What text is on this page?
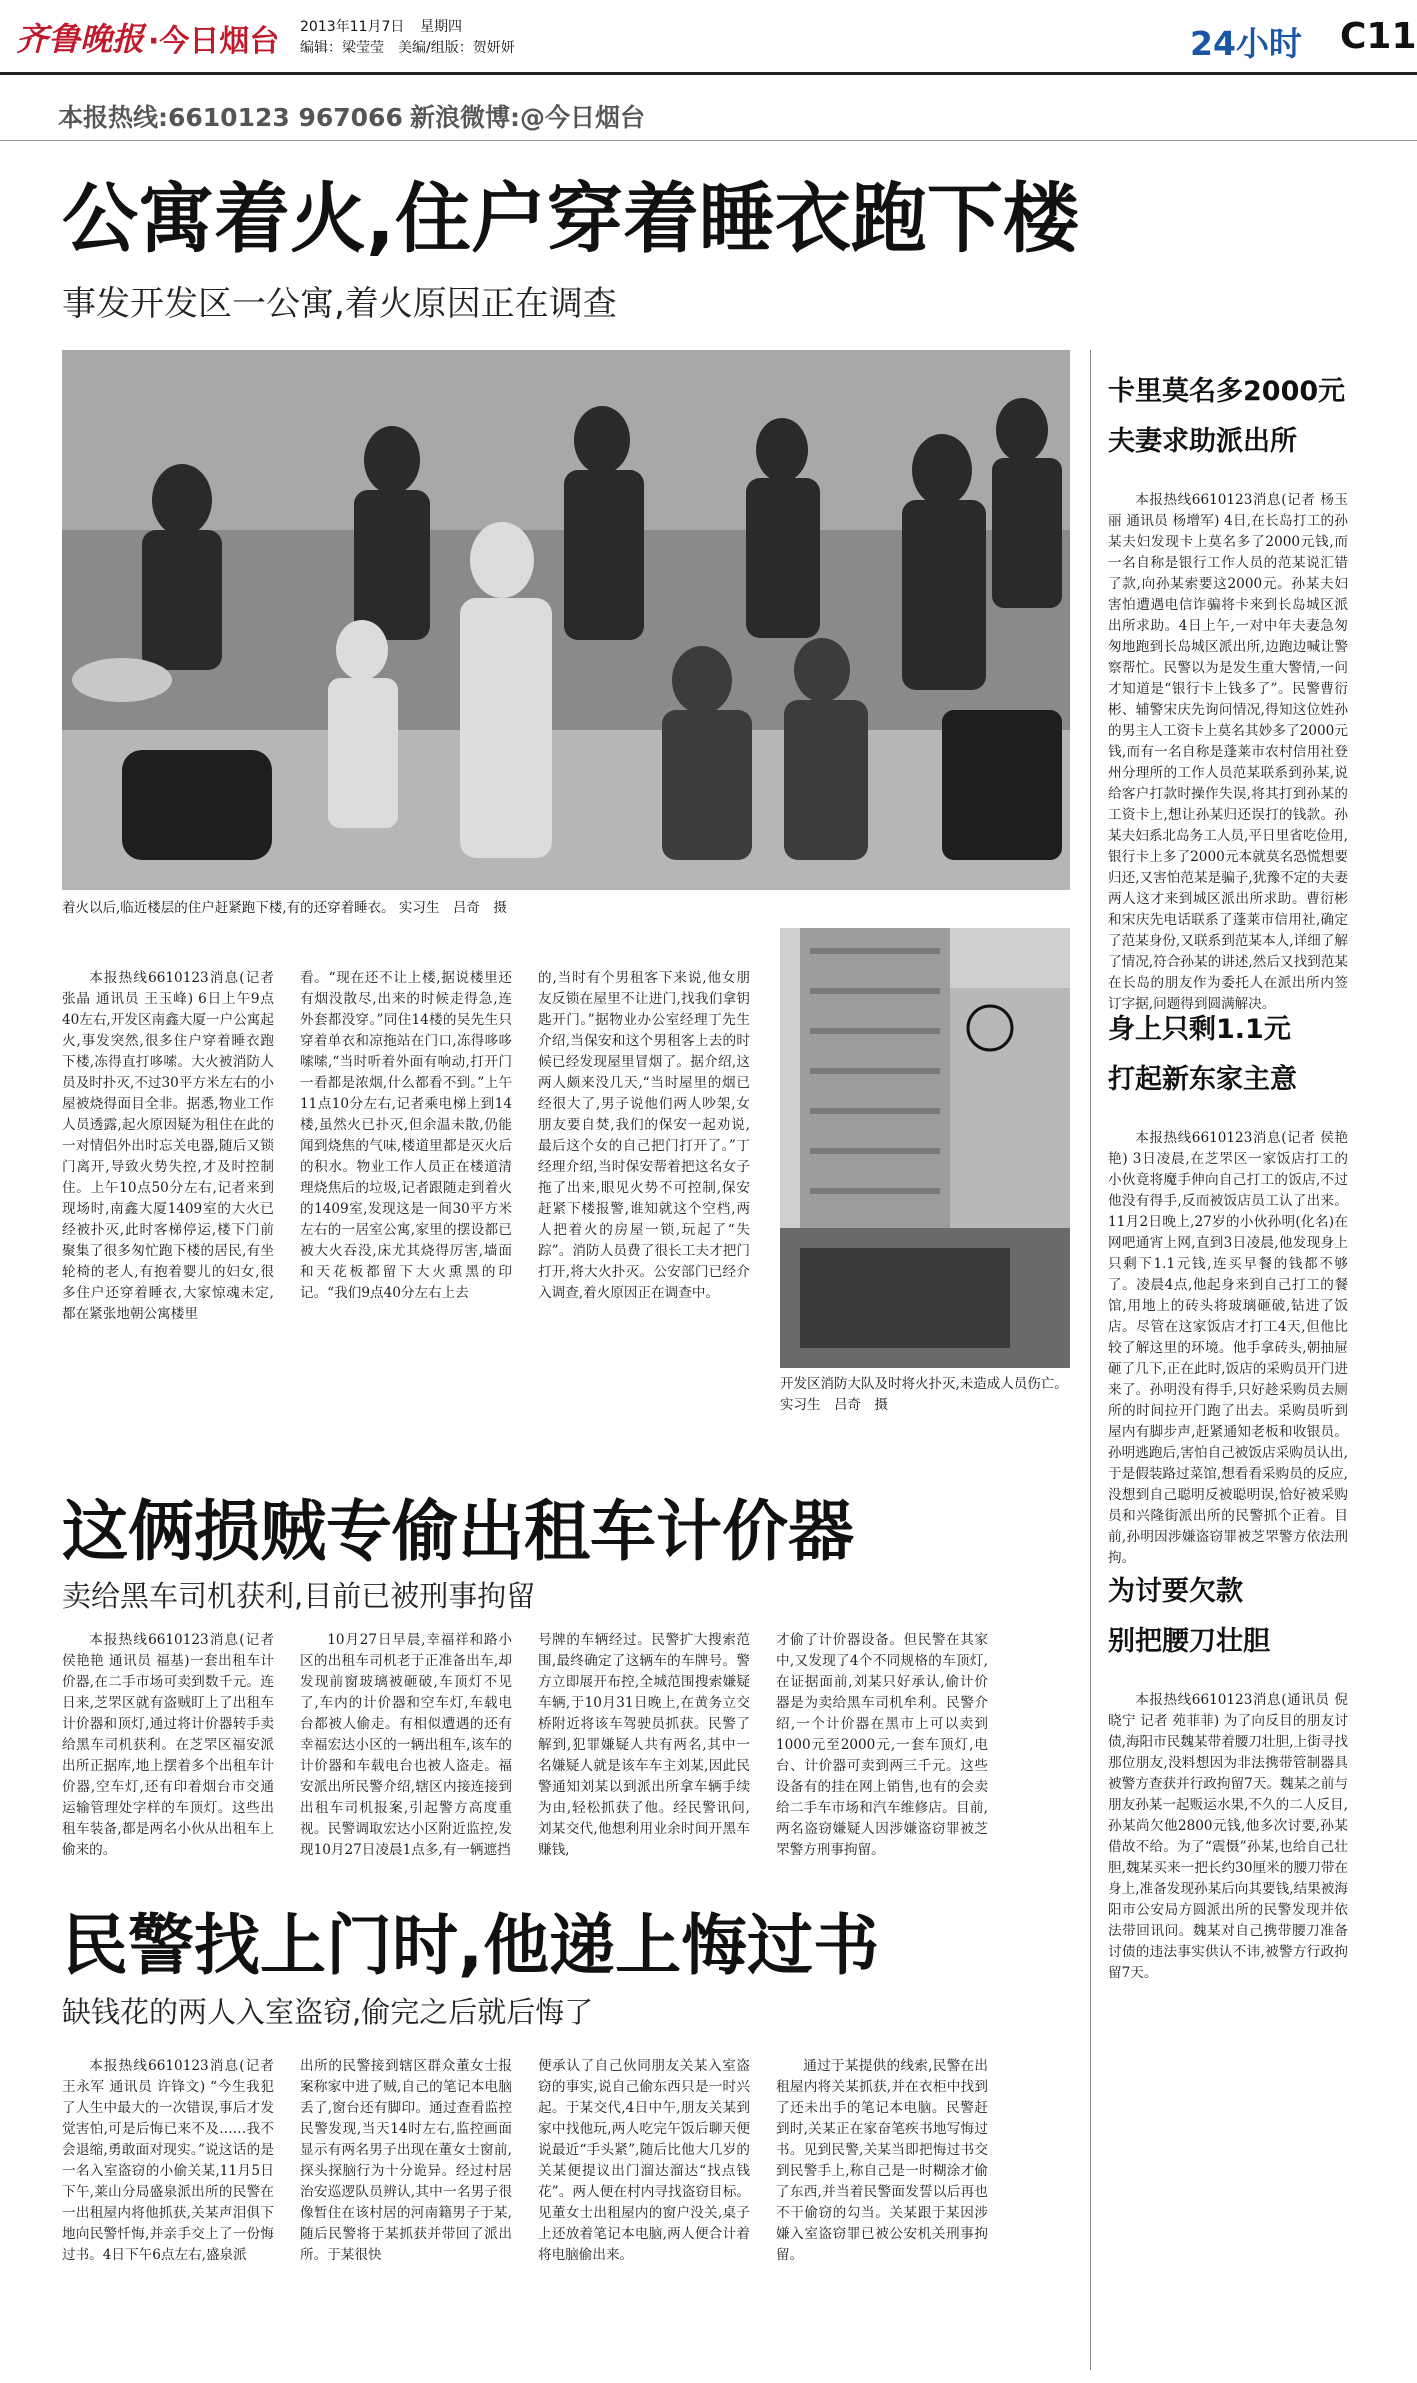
齐鲁晚报 ·今日烟台 2013年11月7日 星期四
编辑：梁莹莹　美编/组版：贺妍妍	24小时 C11
本报热线:6610123 967066 新浪微博:@今日烟台
公寓着火,住户穿着睡衣跑下楼
事发开发区一公寓,着火原因正在调查
着火以后,临近楼层的住户赶紧跑下楼,有的还穿着睡衣。 实习生　吕奇　摄

本报热线6610123消息(记者 张晶 通讯员 王玉峰) 6日上午9点40左右,开发区南鑫大厦一户公寓起火,事发突然,很多住户穿着睡衣跑下楼,冻得直打哆嗦。大火被消防人员及时扑灭,不过30平方米左右的小屋被烧得面目全非。据悉,物业工作人员透露,起火原因疑为租住在此的一对情侣外出时忘关电器,随后又锁门离开,导致火势失控,才及时控制住。上午10点50分左右,记者来到现场时,南鑫大厦1409室的大火已经被扑灭,此时客梯停运,楼下门前聚集了很多匆忙跑下楼的居民,有坐轮椅的老人,有抱着婴儿的妇女,很多住户还穿着睡衣,大家惊魂未定,都在紧张地朝公寓楼里

看。“现在还不让上楼,据说楼里还有烟没散尽,出来的时候走得急,连外套都没穿。”同住14楼的吴先生只穿着单衣和凉拖站在门口,冻得哆哆嗦嗦,“当时听着外面有响动,打开门一看都是浓烟,什么都看不到。”上午11点10分左右,记者乘电梯上到14楼,虽然火已扑灭,但余温未散,仍能闻到烧焦的气味,楼道里都是灭火后的积水。物业工作人员正在楼道清理烧焦后的垃圾,记者跟随走到着火的1409室,发现这是一间30平方米左右的一居室公寓,家里的摆设都已被大火吞没,床尤其烧得厉害,墙面和天花板都留下大火熏黑的印记。“我们9点40分左右上去

的,当时有个男租客下来说,他女朋友反锁在屋里不让进门,找我们拿钥匙开门。”据物业办公室经理丁先生介绍,当保安和这个男租客上去的时候已经发现屋里冒烟了。据介绍,这两人颇来没几天,“当时屋里的烟已经很大了,男子说他们两人吵架,女朋友要自焚,我们的保安一起劝说,最后这个女的自己把门打开了。”丁经理介绍,当时保安帮着把这名女子拖了出来,眼见火势不可控制,保安赶紧下楼报警,谁知就这个空档,两人把着火的房屋一锁,玩起了“失踪”。消防人员费了很长工夫才把门打开,将大火扑灭。公安部门已经介入调查,着火原因正在调查中。

开发区消防大队及时将火扑灭,未造成人员伤亡。 实习生　吕奇　摄
这俩损贼专偷出租车计价器
卖给黑车司机获利,目前已被刑事拘留

本报热线6610123消息(记者 侯艳艳 通讯员 福基)一套出租车计价器,在二手市场可卖到数千元。连日来,芝罘区就有盗贼盯上了出租车计价器和顶灯,通过将计价器转手卖给黑车司机获利。在芝罘区福安派出所正据库,地上摆着多个出租车计价器,空车灯,还有印着烟台市交通运输管理处字样的车顶灯。这些出租车装备,都是两名小伙从出租车上偷来的。

10月27日早晨,幸福祥和路小区的出租车司机老于正准备出车,却发现前窗玻璃被砸破,车顶灯不见了,车内的计价器和空车灯,车载电台都被人偷走。有相似遭遇的还有幸福宏达小区的一辆出租车,该车的计价器和车载电台也被人盗走。福安派出所民警介绍,辖区内接连接到出租车司机报案,引起警方高度重视。民警调取宏达小区附近监控,发现10月27日凌晨1点多,有一辆遮挡

号牌的车辆经过。民警扩大搜索范围,最终确定了这辆车的车牌号。警方立即展开布控,全城范围搜索嫌疑车辆,于10月31日晚上,在黄务立交桥附近将该车驾驶员抓获。民警了解到,犯罪嫌疑人共有两名,其中一名嫌疑人就是该车车主刘某,因此民警通知刘某以到派出所拿车辆手续为由,轻松抓获了他。经民警讯问,刘某交代,他想利用业余时间开黑车赚钱,

才偷了计价器设备。但民警在其家中,又发现了4个不同规格的车顶灯,在证据面前,刘某只好承认,偷计价器是为卖给黑车司机牟利。民警介绍,一个计价器在黑市上可以卖到1000元至2000元,一套车顶灯,电台、计价器可卖到两三千元。这些设备有的挂在网上销售,也有的会卖给二手车市场和汽车维修店。目前,两名盗窃嫌疑人因涉嫌盗窃罪被芝罘警方刑事拘留。

民警找上门时,他递上悔过书
缺钱花的两人入室盗窃,偷完之后就后悔了

本报热线6610123消息(记者 王永军 通讯员 许锋文) “今生我犯了人生中最大的一次错误,事后才发觉害怕,可是后悔已来不及……我不会退缩,勇敢面对现实。”说这话的是一名入室盗窃的小偷关某,11月5日下午,莱山分局盛泉派出所的民警在一出租屋内将他抓获,关某声泪俱下地向民警忏悔,并亲手交上了一份悔过书。4日下午6点左右,盛泉派

出所的民警接到辖区群众董女士报案称家中进了贼,自己的笔记本电脑丢了,窗台还有脚印。通过查看监控民警发现,当天14时左右,监控画面显示有两名男子出现在董女士窗前,探头探脑行为十分诡异。经过村居治安巡逻队员辨认,其中一名男子很像暂住在该村居的河南籍男子于某,随后民警将于某抓获并带回了派出所。于某很快

便承认了自己伙同朋友关某入室盗窃的事实,说自己偷东西只是一时兴起。于某交代,4日中午,朋友关某到家中找他玩,两人吃完午饭后聊天便说最近“手头紧”,随后比他大几岁的关某便提议出门溜达溜达“找点钱花”。两人便在村内寻找盗窃目标。见董女士出租屋内的窗户没关,桌子上还放着笔记本电脑,两人便合计着将电脑偷出来。

通过于某提供的线索,民警在出租屋内将关某抓获,并在衣柜中找到了还未出手的笔记本电脑。民警赶到时,关某正在家奋笔疾书地写悔过书。见到民警,关某当即把悔过书交到民警手上,称自己是一时糊涂才偷了东西,并当着民警面发誓以后再也不干偷窃的勾当。关某跟于某因涉嫌入室盗窃罪已被公安机关刑事拘留。

卡里莫名多2000元
夫妻求助派出所

本报热线6610123消息(记者 杨玉丽 通讯员 杨增军) 4日,在长岛打工的孙某夫妇发现卡上莫名多了2000元钱,而一名自称是银行工作人员的范某说汇错了款,向孙某索要这2000元。孙某夫妇害怕遭遇电信诈骗将卡来到长岛城区派出所求助。4日上午,一对中年夫妻急匆匆地跑到长岛城区派出所,边跑边喊让警察帮忙。民警以为是发生重大警情,一问才知道是“银行卡上钱多了”。民警曹衍彬、辅警宋庆先询问情况,得知这位姓孙的男主人工资卡上莫名其妙多了2000元钱,而有一名自称是蓬莱市农村信用社登州分理所的工作人员范某联系到孙某,说给客户打款时操作失误,将其打到孙某的工资卡上,想让孙某归还误打的钱款。孙某夫妇系北岛务工人员,平日里省吃俭用,银行卡上多了2000元本就莫名恐慌想要归还,又害怕范某是骗子,犹豫不定的夫妻两人这才来到城区派出所求助。曹衍彬和宋庆先电话联系了蓬莱市信用社,确定了范某身份,又联系到范某本人,详细了解了情况,符合孙某的讲述,然后又找到范某在长岛的朋友作为委托人在派出所内签订字据,问题得到圆满解决。

身上只剩1.1元
打起新东家主意

本报热线6610123消息(记者 侯艳艳) 3日凌晨,在芝罘区一家饭店打工的小伙竟将魔手伸向自己打工的饭店,不过他没有得手,反而被饭店员工认了出来。11月2日晚上,27岁的小伙孙明(化名)在网吧通宵上网,直到3日凌晨,他发现身上只剩下1.1元钱,连买早餐的钱都不够了。凌晨4点,他起身来到自己打工的餐馆,用地上的砖头将玻璃砸破,钻进了饭店。尽管在这家饭店才打工4天,但他比较了解这里的环境。他手拿砖头,朝抽屉砸了几下,正在此时,饭店的采购员开门进来了。孙明没有得手,只好趁采购员去厕所的时间拉开门跑了出去。采购员听到屋内有脚步声,赶紧通知老板和收银员。孙明逃跑后,害怕自己被饭店采购员认出,于是假装路过菜馆,想看看采购员的反应,没想到自己聪明反被聪明误,恰好被采购员和兴隆街派出所的民警抓个正着。目前,孙明因涉嫌盗窃罪被芝罘警方依法刑拘。

为讨要欠款
别把腰刀壮胆

本报热线6610123消息(通讯员 倪晓宁 记者 苑菲菲) 为了向反目的朋友讨债,海阳市民魏某带着腰刀壮胆,上街寻找那位朋友,没料想因为非法携带管制器具被警方查获并行政拘留7天。魏某之前与朋友孙某一起贩运水果,不久的二人反目,孙某尚欠他2800元钱,他多次讨要,孙某借故不给。为了“震慑”孙某,也给自己壮胆,魏某买来一把长约30厘米的腰刀带在身上,准备发现孙某后向其要钱,结果被海阳市公安局方圆派出所的民警发现并依法带回讯问。魏某对自己携带腰刀准备讨债的违法事实供认不讳,被警方行政拘留7天。
